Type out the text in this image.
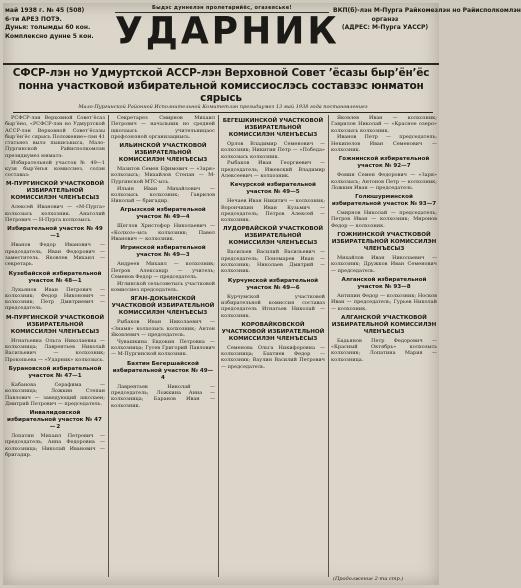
май 1938 г. № 45 (508)
6-ти АРЕЗ ПОТЭ.
Дунья: толымды 60 кон.
Комплексно дунне 5 кон.
Быдэс дуннелэн пролетарийёс, огазеяське!
УДАРНИК
ВКП(б)-лэн М-Пурга Райкомезлэн но Райисполкомлэн
органэз
(АДРЕС: М-Пурга УАССР)
СФСР-лэн но Удмуртской АССР-лэн Верховной Совет ’ёсазы быр’ён’ёс понна участковой избирательной комиссиослэсь составзэс юнматон сярысь
Мало-Пургинской Районной Исполнительной Комитетлэн президиумез 13 май 1938 года постановлениез

РСФСР-лэн Верховной Совет’ёсаз быр’ёно, «РСФСР-лэн но Удмуртской АССР-лэн Верховной Совет’ёсазы быр’ён’ёс сярысь Положение»-лэн 41 статьяез вылэ пыкиськыса, Мало-Пургинской Райисполкомлэн президиумез юнматэ:

Избирательной участок № 49—1 кузя быр’ёнъя комиссиез, солэн составаз:

М-ПУРГИНСКОЙ УЧАСТКОВОЙ ИЗБИРАТЕЛЬНОЙ КОМИССИЛЭН ЧЛЕНЪЕСЫЗ

Алексей Иванович — «М-Пурга» колхозысь колхозник. Анатолий Петрович — Н-Пурга колхозысь.

Избирательной участок № 49—1

Иванов Федор Иванович — председатель, Иван Федорович — заместитель. Яковлев Михаил — секретарь.

Кузебайской избирательной участок № 48—1

Лукьянов Иван Петрович — колхозник; Федор Никонович — колхозник; Петр Дмитриевич — председатель.

М-ПУРГИНСКОЙ УЧАСТКОВОЙ ИЗБИРАТЕЛЬНОЙ КОМИССИЛЭН ЧЛЕНЪЕСЫЗ

Игнатьевна Ольга Николаевна — колхозница; Лаврентьев Николай Васильевич — колхозник; Прокопьева — «Ударник» колхозысь.

Бурановской избирательной участок № 47—1

Кабанова Серафима — колхозница; Ложкин Степан Павлович — заведующий школаен; Дмитрий Петрович — председатель.

Инвалидовской избирательной участок № 47 — 2

Лопатин Михаил Петрович — председатель; Анна Федоровна — колхозница; Николай Иванович — бригадир.

Секретарез Смирнов Михаил Петрович — начальник но средней школаысь учительницаос профсоюзной организациысь.

ИЛЬИНСКОЙ УЧАСТКОВОЙ ИЗБИРАТЕЛЬНОЙ КОМИССИЛЭН ЧЛЕНЪЕСЫЗ

Мазитов Семен Ефимович — «Заря» колхозысь; Михайлов Степан — М-Пургинской МТС-ысь.

Ильин Иван Михайлович — колхозысь колхозник; Гаврилов Николай — бригадир.

Агрызской избирательной участок № 49—4

Щеглов Христофор Николаевич — «Колхоз»-ысь колхозник; Павел Иванович — колхозник.

Игринской избирательной участок № 49—3

Андреев Михаил — колхозник; Петров Александр — учитель; Семенов Федор — председатель.

Иглинской сельсоветысь участковой комиссиез председатель.

ЯГАН-ДОКЬИНСКОЙ УЧАСТКОВОЙ ИЗБИРАТЕЛЬНОЙ КОМИССИЛЭН ЧЛЕНЪЕСЫЗ

Рыбаков Иван Николаевич — «Знамя» колхозысь колхозник; Антон Яковлевич — председатель.

Чувашкина Евдокия Петровна — колхозница; Гусев Григорий Павлович — М-Пургинской колхозник.

Бахтин Бегершайской избирательной участок № 49—4

Лаврентьев Николай — председатель; Ложкина Анна — колхозница; Баранов Иван — колхозник.

БЕГЕШКИНСКОЙ УЧАСТКОВОЙ ИЗБИРАТЕЛЬНОЙ КОМИССИЛЭН ЧЛЕНЪЕСЫЗ

Орлов Владимир Семенович — колхозник; Никитин Петр — «Победа» колхозысь колхозник.

Рыбаков Иван Георгиевич — председатель; Ижевский Владимир Алексеевич — колхозник.

Кечурской избирательной участок № 49—5

Нечаев Иван Никитич — колхозник; Ворончихин Иван Кузьмич — председатель; Петров Алексей — колхозник.

ЛУДОРВАЙСКОЙ УЧАСТКОВОЙ ИЗБИРАТЕЛЬНОЙ КОМИССИЛЭН ЧЛЕНЪЕСЫЗ

Васильев Василий Васильевич — председатель; Пономарев Иван — колхозник; Николаев Дмитрий — колхозник.

Курчумской избирательной участок № 49—6

Курчумской участковой избирательной комиссия составаз председатель Игнатьев Николай — колхозник.

КОРОВАЙКОВСКОЙ УЧАСТКОВОЙ ИЗБИРАТЕЛЬНОЙ КОМИССИЛЭН ЧЛЕНЪЕСЫЗ

Семенова Ольга Никифоровна — колхозница; Бахтиев Федор — колхозник; Ваулин Василий Петрович — председатель.

Яковлев Иван — колхозник; Гаврилов Николай — «Красное озеро» колхозысь колхозник.

Иванов Петр — председатель; Некипелов Иван Семенович — колхозник.

Гожнинской избирательной участок № 92—7

Фомин Семен Федорович — «Заря» колхозысь; Антонов Петр — колхозник; Ложкин Иван — председатель.

Голюшурминской избирательной участок № 93—7

Смирнов Николай — председатель; Петров Иван — колхозник; Миронов Федор — колхозник.

ГОЖНИНСКОЙ УЧАСТКОВОЙ ИЗБИРАТЕЛЬНОЙ КОМИССИЛЭН ЧЛЕНЪЕСЫЗ

Михайлов Иван Николаевич — колхозник; Дружков Иван Семенович — председатель.

Алганской избирательной участок № 93—8

Антипин Федор — колхозник; Носков Иван — председатель; Гурьев Николай — колхозник.

АЛГАНСКОЙ УЧАСТКОВОЙ ИЗБИРАТЕЛЬНОЙ КОМИССИЛЭН ЧЛЕНЪЕСЫЗ

Бадьянов Петр Федорович — «Красный Октябрь» колхозысь колхозник; Лопатина Мария — колхозница.

(Продолжение 2-ти стр.)
